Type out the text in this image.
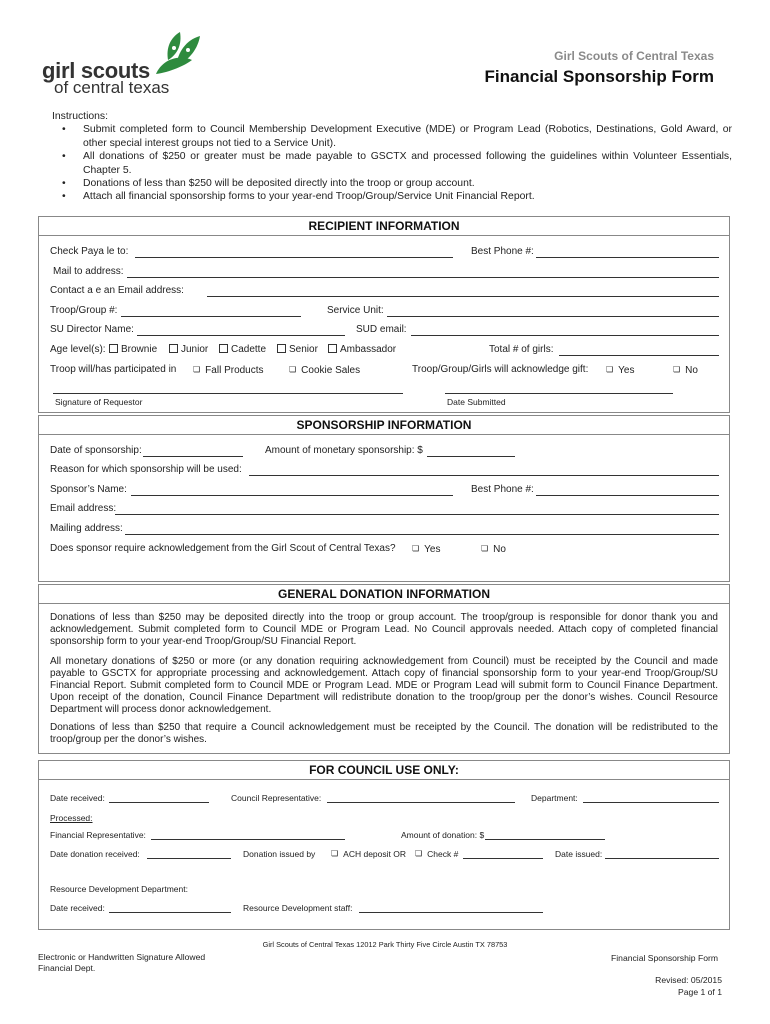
girl scouts
of central texas
Girl Scouts of Central Texas
Financial Sponsorship Form
Instructions:
• Submit completed form to Council Membership Development Executive (MDE) or Program Lead (Robotics, Destinations, Gold Award, or other special interest groups not tied to a Service Unit).
• All donations of $250 or greater must be made payable to GSCTX and processed following the guidelines within Volunteer Essentials, Chapter 5.
• Donations of less than $250 will be deposited directly into the troop or group account.
• Attach all financial sponsorship forms to your year-end Troop/Group/Service Unit Financial Report.
RECIPIENT INFORMATION
Check Paya le to:	Best Phone #:
Mail to address:
Contact a e an Email address:
Troop/Group #:	Service Unit:
SU Director Name:	SUD email:
Age level(s):	Brownie	Junior	Cadette	Senior	Ambassador	Total # of girls:
Troop will/has participated in ❏ Fall Products	❏ Cookie Sales	Troop/Group/Girls will acknowledge gift: ❏ Yes	❏ No
Signature of Requestor	Date Submitted
SPONSORSHIP INFORMATION
Date of sponsorship:	Amount of monetary sponsorship: $
Reason for which sponsorship will be used:
Sponsor’s Name:	Best Phone #:
Email address:
Mailing address:
Does sponsor require acknowledgement from the Girl Scout of Central Texas? ❏ Yes	❏ No
GENERAL DONATION INFORMATION
Donations of less than $250 may be deposited directly into the troop or group account. The troop/group is responsible for donor thank you and acknowledgement. Submit completed form to Council MDE or Program Lead. No Council approvals needed. Attach copy of completed financial sponsorship form to your year-end Troop/Group/SU Financial Report.
All monetary donations of $250 or more (or any donation requiring acknowledgement from Council) must be receipted by the Council and made payable to GSCTX for appropriate processing and acknowledgement. Attach copy of financial sponsorship form to your year-end Troop/Group/SU Financial Report. Submit completed form to Council MDE or Program Lead. MDE or Program Lead will submit form to Council Finance Department. Upon receipt of the donation, Council Finance Department will redistribute donation to the troop/group per the donor’s wishes. Council Resource Department will process donor acknowledgement.
Donations of less than $250 that require a Council acknowledgement must be receipted by the Council. The donation will be redistributed to the troop/group per the donor’s wishes.
FOR COUNCIL USE ONLY:
Date received:	Council Representative:	Department:
Processed:
Financial Representative:	Amount of donation: $
Date donation received:	Donation issued by ❏ ACH deposit OR ❏ Check #	Date issued:
Resource Development Department:
Date received:	Resource Development staff:
Girl Scouts of Central Texas 12012 Park Thirty Five Circle Austin TX 78753
Electronic or Handwritten Signature Allowed
Financial Dept.
Financial Sponsorship Form
Revised: 05/2015
Page 1 of 1
